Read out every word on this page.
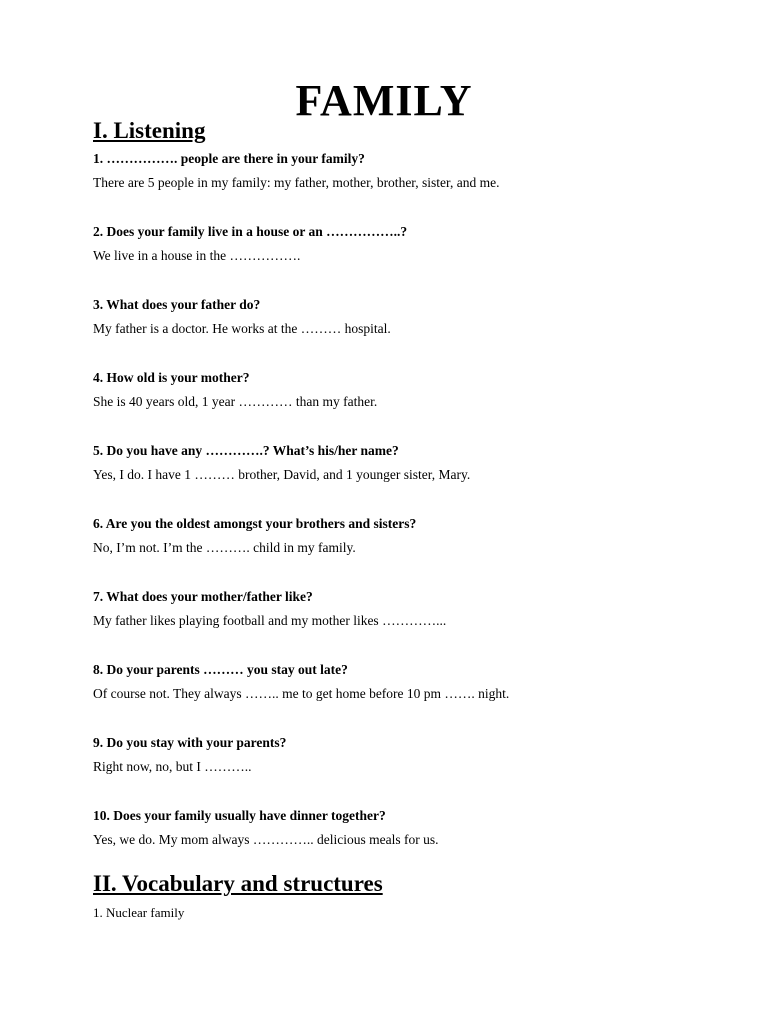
FAMILY
I. Listening
1. ……………. people are there in your family?
There are 5 people in my family: my father, mother, brother, sister, and me.
2. Does your family live in a house or an ……………..?
We live in a house in the …………….
3. What does your father do?
My father is a doctor. He works at the ……… hospital.
4. How old is your mother?
She is 40 years old, 1 year ………… than my father.
5. Do you have any ………….? What’s his/her name?
Yes, I do. I have 1 ……… brother, David, and 1 younger sister, Mary.
6. Are you the oldest amongst your brothers and sisters?
No, I’m not. I’m the ………. child in my family.
7. What does your mother/father like?
My father likes playing football and my mother likes …………...
8. Do your parents ……… you stay out late?
Of course not. They always …….. me to get home before 10 pm ……. night.
9. Do you stay with your parents?
Right now, no, but I ………..
10. Does your family usually have dinner together?
Yes, we do. My mom always ………….. delicious meals for us.
II. Vocabulary and structures
1. Nuclear family
